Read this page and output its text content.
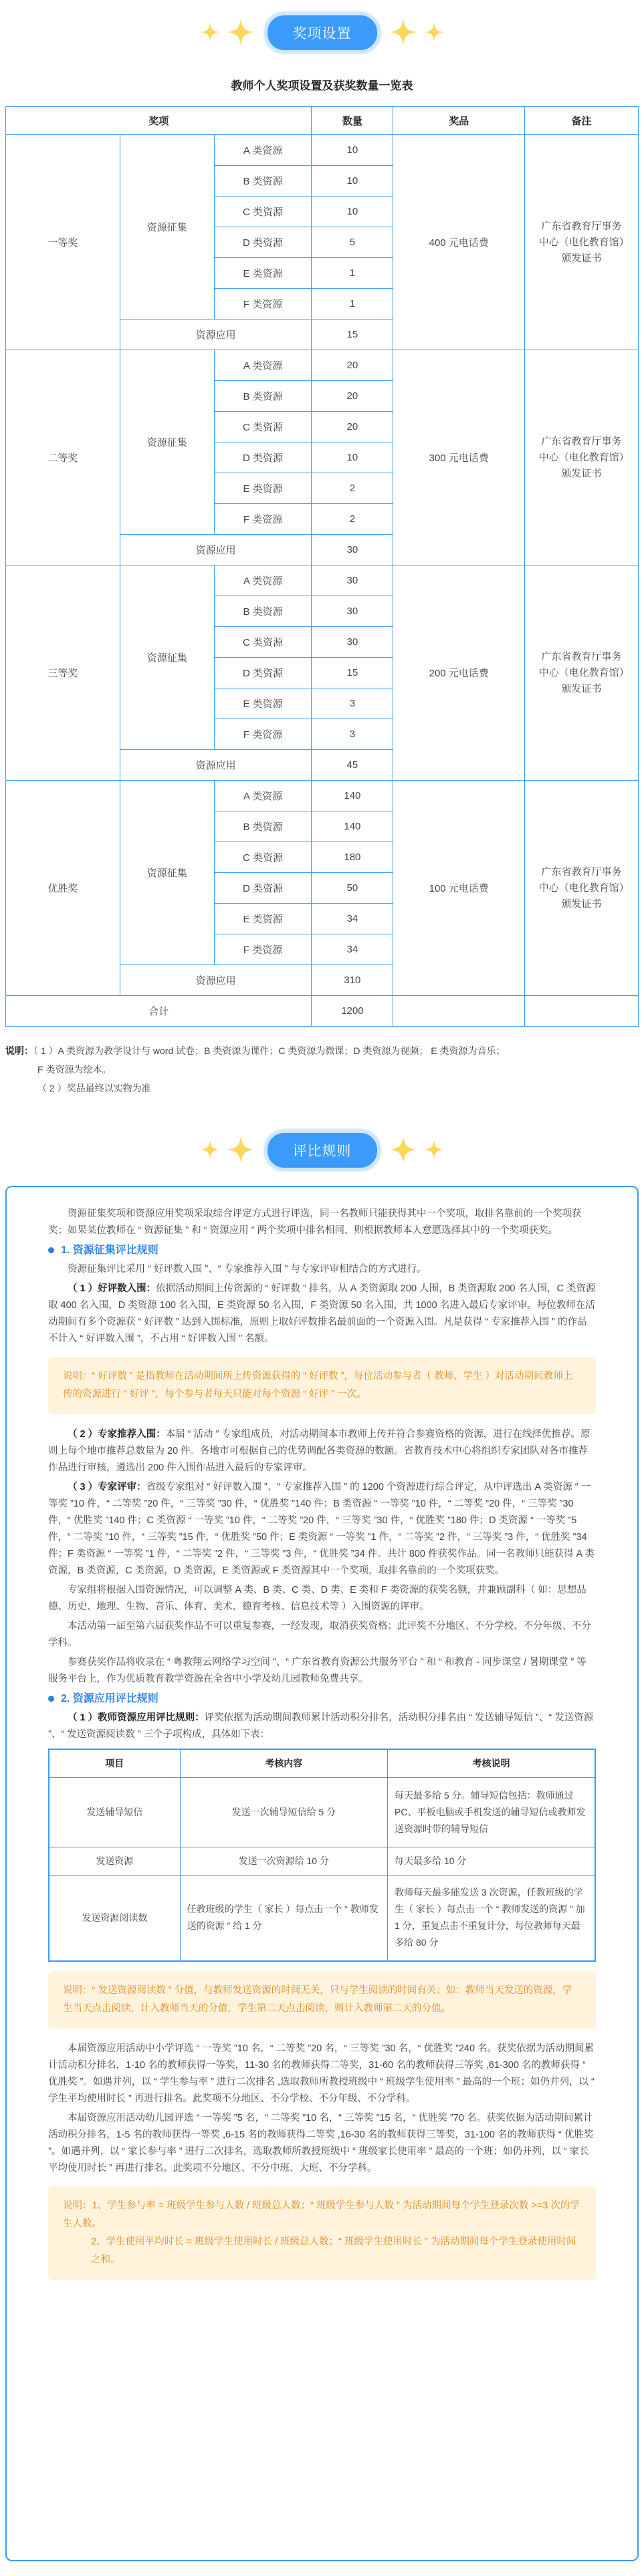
奖项设置
教师个人奖项设置及获奖数量一览表
奖项			数量	奖品	备注
一等奖	资源征集	A 类资源	10	400 元电话费	广东省教育厅事务中心（电化教育馆）颁发证书
		B 类资源	10		
		C 类资源	10		
		D 类资源	5		
		E 类资源	1		
		F 类资源	1		
	资源应用		15		
二等奖	资源征集	A 类资源	20	300 元电话费	广东省教育厅事务中心（电化教育馆）颁发证书
		B 类资源	20		
		C 类资源	20		
		D 类资源	10		
		E 类资源	2		
		F 类资源	2		
	资源应用		30		
三等奖	资源征集	A 类资源	30	200 元电话费	广东省教育厅事务中心（电化教育馆）颁发证书
		B 类资源	30		
		C 类资源	30		
		D 类资源	15		
		E 类资源	3		
		F 类资源	3		
	资源应用		45		
优胜奖	资源征集	A 类资源	140	100 元电话费	广东省教育厅事务中心（电化教育馆）颁发证书
		B 类资源	140		
		C 类资源	180		
		D 类资源	50		
		E 类资源	34		
		F 类资源	34		
	资源应用		310		
合计			1200		
说明：（ 1 ）A 类资源为教学设计与 word 试卷；B 类资源为课件；C 类资源为微课；D 类资源为视频； E 类资源为音乐；
F 类资源为绘本。
（ 2 ）奖品最终以实物为准
评比规则

资源征集奖项和资源应用奖项采取综合评定方式进行评选，同一名教师只能获得其中一个奖项，取排名靠前的一个奖项获奖；如果某位教师在 “ 资源征集 ” 和 “ 资源应用 ” 两个奖项中排名相同，则根据教师本人意愿选择其中的一个奖项获奖。

1. 资源征集评比规则

资源征集评比采用 “ 好评数入围 ”、“ 专家推荐入围 ” 与专家评审相结合的方式进行。

（ 1 ）好评数入围：依据活动期间上传资源的 “ 好评数 ” 排名，从 A 类资源取 200 人围，B 类资源取 200 名人围，C 类资源取 400 名入围，D 类资源 100 名入围，E 类资源 50 名入围，F 类资源 50 名入围，共 1000 名进入最后专家评审。每位教师在活动期间有多个资源获 “ 好评数 ” 达到入围标准，原则上取好评数排名最前面的一个资源入围。凡是获得 “ 专家推荐入围 ” 的作品不计入 “ 好评数入围 ”，不占用 “ 好评数入围 ” 名额。

说明：“ 好评数 ” 是指教师在活动期间所上传资源获得的 “ 好评数 ”，每位活动参与者（ 教师、学生 ）对活动期间教师上传的资源进行 “ 好评 ”，每个参与者每天只能对每个资源 “ 好评 ” 一次。

（ 2 ）专家推荐入围：本届 “ 活动 ” 专家组成员，对活动期间本市教师上传并符合参赛资格的资源，进行在线择优推荐。原则上每个地市推荐总数量为 20 件。各地市可根据自己的优势调配各类资源的数额。省教育技术中心将组织专家团队对各市推荐作品进行审核，遴选出 200 件入围作品进入最后的专家评审。

（ 3 ）专家评审：省级专家组对 “ 好评数入围 ”、“ 专家推荐入围 ” 的 1200 个资源进行综合评定，从中评选出 A 类资源 “ 一等奖 ”10 件，“ 二等奖 ”20 件，“ 三等奖 ”30 件，“ 优胜奖 ”140 件；B 类资源 “ 一等奖 ”10 件，“ 二等奖 ”20 件，“ 三等奖 ”30 件，“ 优胜奖 ”140 件；C 类资源 “ 一等奖 ”10 件，“ 二等奖 ”20 件，“ 三等奖 ”30 件，“ 优胜奖 ”180 件；D 类资源 “ 一等奖 ”5 件，“ 二等奖 ”10 件，“ 三等奖 ”15 件，“ 优胜奖 ”50 件；E 类资源 “ 一等奖 ”1 件，“ 二等奖 ”2 件，“ 三等奖 ”3 件，“ 优胜奖 ”34 件；F 类资源 “ 一等奖 ”1 件，“ 二等奖 ”2 件，“ 三等奖 ”3 件，“ 优胜奖 ”34 件。共计 800 件获奖作品。同一名教师只能获得 A 类资源，B 类资源，C 类资源，D 类资源，E 类资源或 F 类资源其中一个奖项，取排名靠前的一个奖项获奖。

专家组将根据入围资源情况，可以调整 A 类、B 类、C 类、D 类、E 类和 F 类资源的获奖名额，并兼顾副科（ 如：思想品德、历史、地理、生物、音乐、体育、美术、德育考核、信息技术等 ）入围资源的评审。

本活动第一届至第六届获奖作品不可以重复参赛，一经发现，取消获奖资格；此评奖不分地区、不分学校、不分年级、不分学科。

参赛获奖作品将收录在 “ 粤教翔云网络学习空间 ”、“ 广东省教育资源公共服务平台 ” 和 “ 和教育 - 同步课堂 / 暑期课堂 ” 等服务平台上，作为优质教育教学资源在全省中小学及幼儿园教师免费共享。

2. 资源应用评比规则

（ 1 ）教师资源应用评比规则：评奖依据为活动期间教师累计活动积分排名，活动积分排名由 “ 发送辅导短信 ”、“ 发送资源 ”、“ 发送资源阅读数 ” 三个子项构成，具体如下表：

项目	考核内容	考核说明
发送辅导短信	发送一次辅导短信给 5 分	每天最多给 5 分。辅导短信包括：教师通过 PC、平板电脑或手机发送的辅导短信或教师发送资源时带的辅导短信
发送资源	发送一次资源给 10 分	每天最多给 10 分
发送资源阅读数	任教班级的学生（ 家长 ）每点击一个 “ 教师发送的资源 ” 给 1 分	教师每天最多能发送 3 次资源，任教班级的学生（ 家长 ）每点击一个 “ 教师发送的资源 ” 加 1 分，重复点击不重复计分，每位教师每天最多给 80 分
说明：“ 发送资源阅读数 ” 分值，与教师发送资源的时间无关，只与学生阅读的时间有关；如：教师当天发送的资源，学生当天点击阅读，计入教师当天的分值，学生第二天点击阅读，则计入教师第二天的分值。

本届资源应用活动中小学评选 “ 一等奖 ”10 名，“ 二等奖 ”20 名，“ 三等奖 ”30 名，“ 优胜奖 ”240 名。获奖依据为活动期间累计活动积分排名，1-10 名的教师获得一等奖，11-30 名的教师获得二等奖，31-60 名的教师获得三等奖 ,61-300 名的教师获得 “ 优胜奖 ”。如遇并列，以 “ 学生参与率 ” 进行二次排名 ,选取教师所教授班级中 “ 班级学生使用率 ” 最高的一个班；如仍并列，以 “ 学生平均使用时长 ” 再进行排名。此奖项不分地区、不分学校、不分年级、不分学科。

本届资源应用活动幼儿园评选 “ 一等奖 ”5 名，“ 二等奖 ”10 名，“ 三等奖 ”15 名，“ 优胜奖 ”70 名。获奖依据为活动期间累计活动积分排名，1-5 名的教师获得一等奖 ,6-15 名的教师获得二等奖 ,16-30 名的教师获得三等奖，31-100 名的教师获得 “ 优胜奖 ”。如遇并列，以 “ 家长参与率 ” 进行二次排名，选取教师所教授班级中 “ 班级家长使用率 ” 最高的一个班；如仍并列，以 “ 家长平均使用时长 ” 再进行排名。此奖项不分地区、不分中班、大班、不分学科。

说明：1、学生参与率 = 班级学生参与人数 / 班级总人数；“ 班级学生参与人数 ” 为活动期间每个学生登录次数 >=3 次的学生人数。
2、学生使用平均时长 = 班级学生使用时长 / 班级总人数；“ 班级学生使用时长 ” 为活动期间每个学生登录使用时间之和。
